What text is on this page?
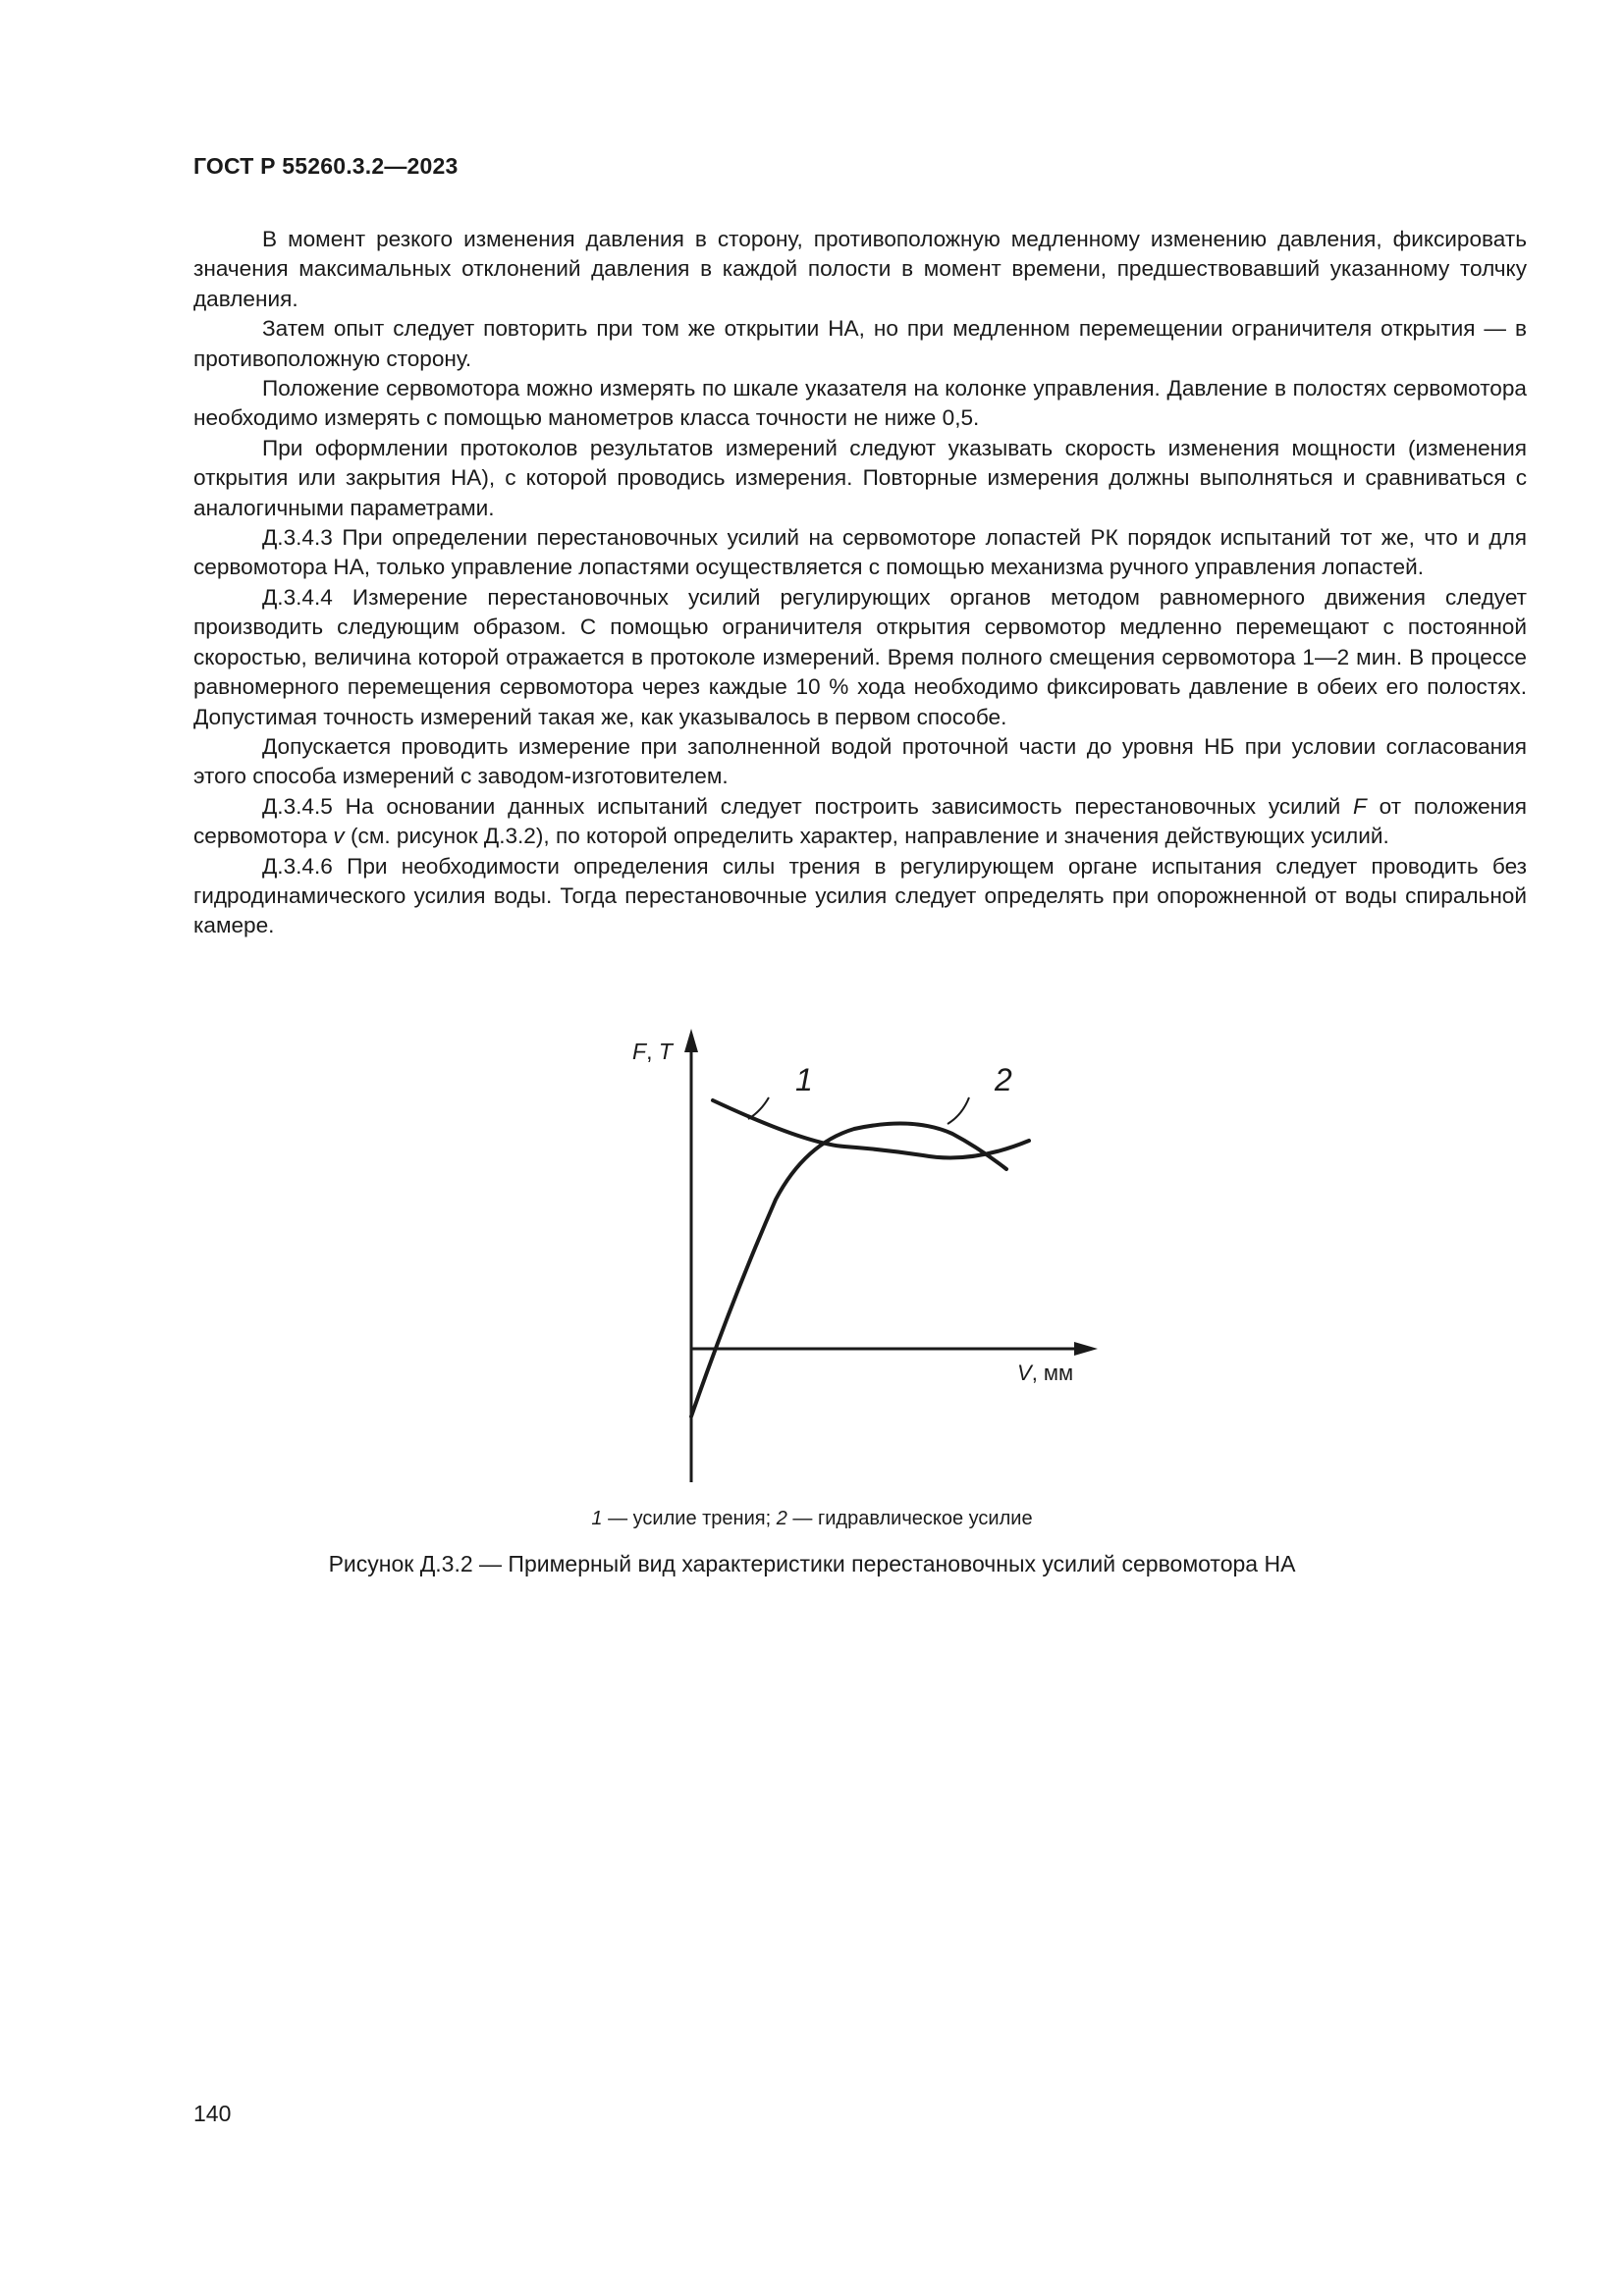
ГОСТ Р 55260.3.2—2023

В момент резкого изменения давления в сторону, противоположную медленному изменению давления, фиксировать значения максимальных отклонений давления в каждой полости в момент времени, предшествовавший указанному толчку давления.

Затем опыт следует повторить при том же открытии НА, но при медленном перемещении ограничителя открытия — в противоположную сторону.

Положение сервомотора можно измерять по шкале указателя на колонке управления. Давление в полостях сервомотора необходимо измерять с помощью манометров класса точности не ниже 0,5.

При оформлении протоколов результатов измерений следуют указывать скорость изменения мощности (изменения открытия или закрытия НА), с которой проводись измерения. Повторные измерения должны выполняться и сравниваться с аналогичными параметрами.

Д.3.4.3 При определении перестановочных усилий на сервомоторе лопастей РК порядок испытаний тот же, что и для сервомотора НА, только управление лопастями осуществляется с помощью механизма ручного управления лопастей.

Д.3.4.4 Измерение перестановочных усилий регулирующих органов методом равномерного движения следует производить следующим образом. С помощью ограничителя открытия сервомотор медленно перемещают с постоянной скоростью, величина которой отражается в протоколе измерений. Время полного смещения сервомотора 1—2 мин. В процессе равномерного перемещения сервомотора через каждые 10 % хода необходимо фиксировать давление в обеих его полостях. Допустимая точность измерений такая же, как указывалось в первом способе.

Допускается проводить измерение при заполненной водой проточной части до уровня НБ при условии согласования этого способа измерений с заводом-изготовителем.

Д.3.4.5 На основании данных испытаний следует построить зависимость перестановочных усилий F от положения сервомотора v (см. рисунок Д.3.2), по которой определить характер, направление и значения действующих усилий.

Д.3.4.6 При необходимости определения силы трения в регулирующем органе испытания следует проводить без гидродинамического усилия воды. Тогда перестановочные усилия следует определять при опорожненной от воды спиральной камере.

F, T
V, мм
1	2
1 — усилие трения; 2 — гидравлическое усилие
Рисунок Д.3.2 — Примерный вид характеристики перестановочных усилий сервомотора НА
140
